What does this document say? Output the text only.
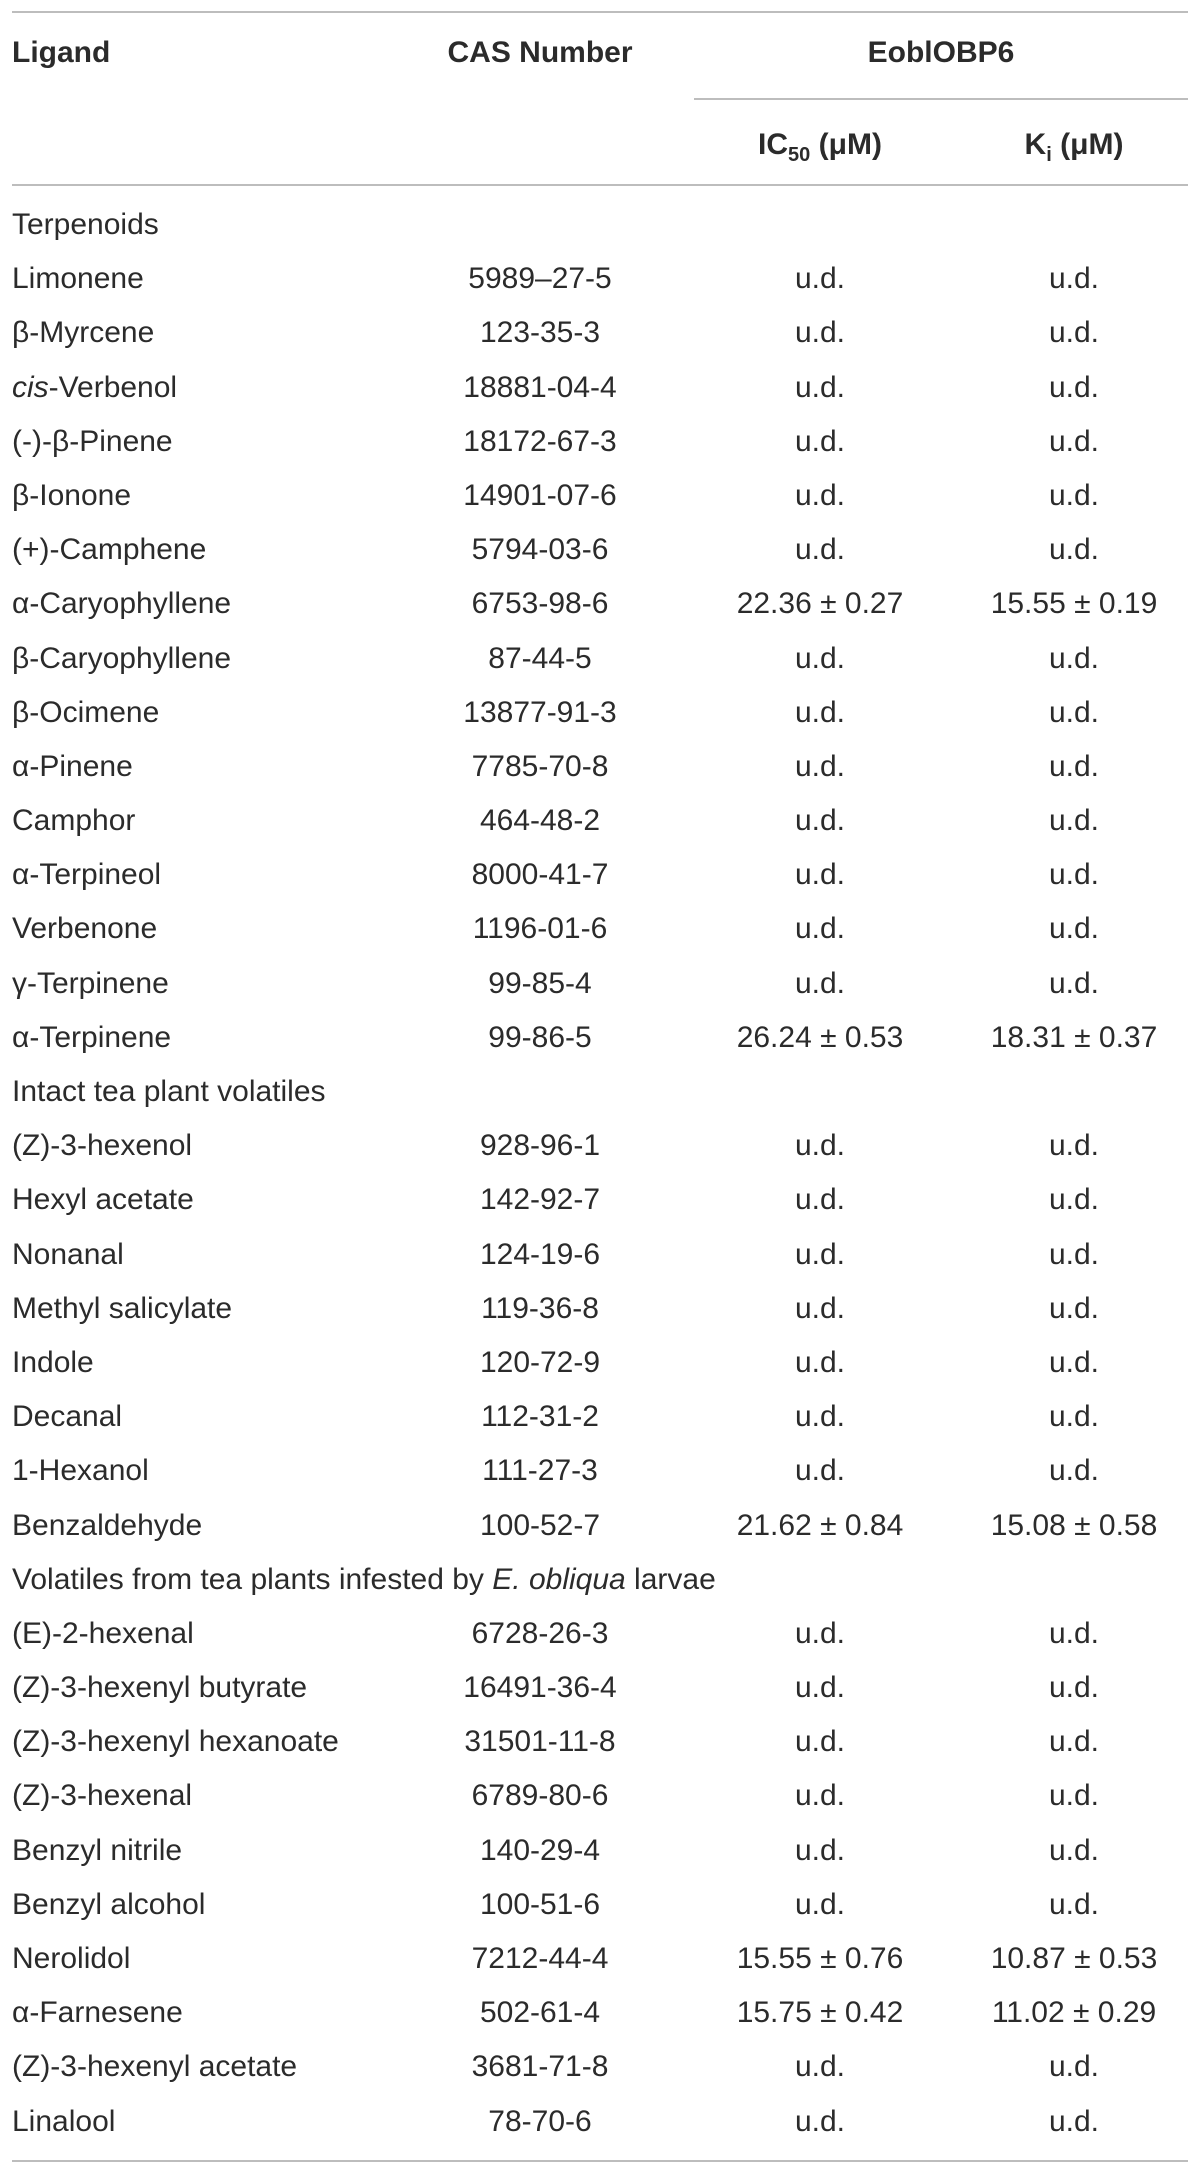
Ligand	CAS Number	EoblOBP6
$IC_{50}$ (μM)	$K_i$ (μM)
Terpenoids
Limonene	5989–27-5	u.d.	u.d.
β-Myrcene	123-35-3	u.d.	u.d.
cis-Verbenol	18881-04-4	u.d.	u.d.
(-)-β-Pinene	18172-67-3	u.d.	u.d.
β-Ionone	14901-07-6	u.d.	u.d.
(+)-Camphene	5794-03-6	u.d.	u.d.
α-Caryophyllene	6753-98-6	22.36 ± 0.27	15.55 ± 0.19
β-Caryophyllene	87-44-5	u.d.	u.d.
β-Ocimene	13877-91-3	u.d.	u.d.
α-Pinene	7785-70-8	u.d.	u.d.
Camphor	464-48-2	u.d.	u.d.
α-Terpineol	8000-41-7	u.d.	u.d.
Verbenone	1196-01-6	u.d.	u.d.
γ-Terpinene	99-85-4	u.d.	u.d.
α-Terpinene	99-86-5	26.24 ± 0.53	18.31 ± 0.37
Intact tea plant volatiles
(Z)-3-hexenol	928-96-1	u.d.	u.d.
Hexyl acetate	142-92-7	u.d.	u.d.
Nonanal	124-19-6	u.d.	u.d.
Methyl salicylate	119-36-8	u.d.	u.d.
Indole	120-72-9	u.d.	u.d.
Decanal	112-31-2	u.d.	u.d.
1-Hexanol	111-27-3	u.d.	u.d.
Benzaldehyde	100-52-7	21.62 ± 0.84	15.08 ± 0.58
Volatiles from tea plants infested by E. obliqua larvae
(E)-2-hexenal	6728-26-3	u.d.	u.d.
(Z)-3-hexenyl butyrate	16491-36-4	u.d.	u.d.
(Z)-3-hexenyl hexanoate	31501-11-8	u.d.	u.d.
(Z)-3-hexenal	6789-80-6	u.d.	u.d.
Benzyl nitrile	140-29-4	u.d.	u.d.
Benzyl alcohol	100-51-6	u.d.	u.d.
Nerolidol	7212-44-4	15.55 ± 0.76	10.87 ± 0.53
α-Farnesene	502-61-4	15.75 ± 0.42	11.02 ± 0.29
(Z)-3-hexenyl acetate	3681-71-8	u.d.	u.d.
Linalool	78-70-6	u.d.	u.d.
